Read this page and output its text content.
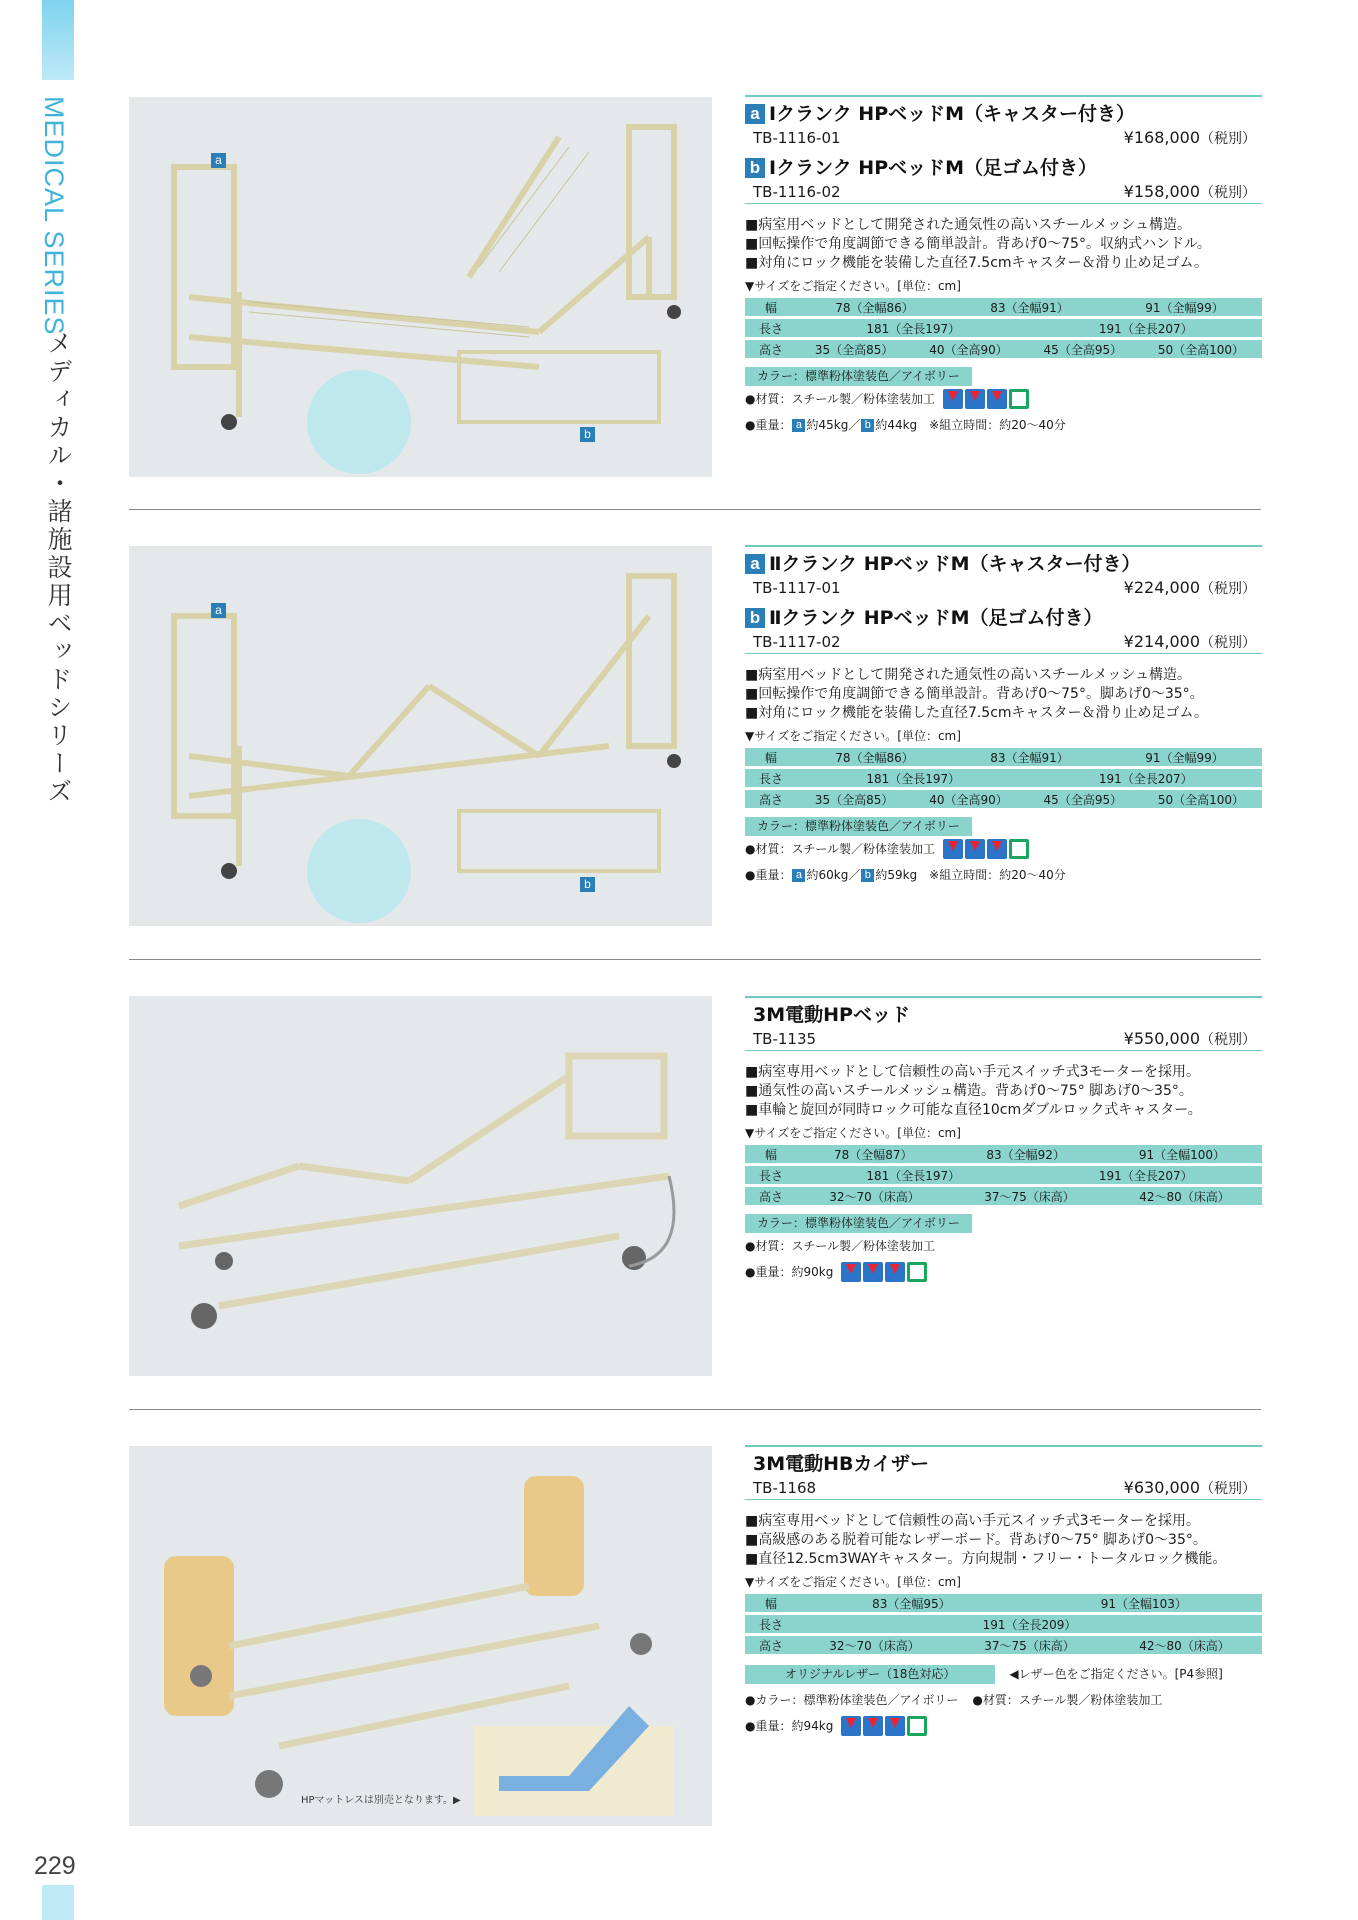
MEDICAL SERIES
メディカル・諸施設用ベッドシリーズ
229
a
b
a Ⅰクランク HPベッドM（キャスター付き）
TB-1116-01	¥168,000（税別）
b Ⅰクランク HPベッドM（足ゴム付き）
TB-1116-02	¥158,000（税別）
■病室用ベッドとして開発された通気性の高いスチールメッシュ構造。
■回転操作で角度調節できる簡単設計。背あげ0〜75°。収納式ハンドル。
■対角にロック機能を装備した直径7.5cmキャスター＆滑り止め足ゴム。
▼サイズをご指定ください。[単位：cm]
幅	78（全幅86） 83（全幅91） 91（全幅99）

長さ	181（全長197） 191（全長207）

高さ	35（全高85） 40（全高90） 45（全高95） 50（全高100）
カラー：標準粉体塗装色／アイボリー
●材質：スチール製／粉体塗装加工
●重量： a 約45kg／ b 約44kg ※組立時間：約20〜40分
a
b
a Ⅱクランク HPベッドM（キャスター付き）
TB-1117-01	¥224,000（税別）
b Ⅱクランク HPベッドM（足ゴム付き）
TB-1117-02	¥214,000（税別）
■病室用ベッドとして開発された通気性の高いスチールメッシュ構造。
■回転操作で角度調節できる簡単設計。背あげ0〜75°。脚あげ0〜35°。
■対角にロック機能を装備した直径7.5cmキャスター＆滑り止め足ゴム。
▼サイズをご指定ください。[単位：cm]
幅	78（全幅86） 83（全幅91） 91（全幅99）

長さ	181（全長197） 191（全長207）

高さ	35（全高85） 40（全高90） 45（全高95） 50（全高100）
カラー：標準粉体塗装色／アイボリー
●材質：スチール製／粉体塗装加工
●重量： a 約60kg／ b 約59kg ※組立時間：約20〜40分
3M電動HPベッド
TB-1135	¥550,000（税別）
■病室専用ベッドとして信頼性の高い手元スイッチ式3モーターを採用。
■通気性の高いスチールメッシュ構造。背あげ0〜75° 脚あげ0〜35°。
■車輪と旋回が同時ロック可能な直径10cmダブルロック式キャスター。
▼サイズをご指定ください。[単位：cm]
幅	78（全幅87） 83（全幅92） 91（全幅100）

長さ	181（全長197） 191（全長207）

高さ	32〜70（床高） 37〜75（床高） 42〜80（床高）
カラー：標準粉体塗装色／アイボリー
●材質：スチール製／粉体塗装加工
●重量：約90kg
HPマットレスは別売となります。▶
3M電動HBカイザー
TB-1168	¥630,000（税別）
■病室専用ベッドとして信頼性の高い手元スイッチ式3モーターを採用。
■高級感のある脱着可能なレザーボード。背あげ0〜75° 脚あげ0〜35°。
■直径12.5cm3WAYキャスター。方向規制・フリー・トータルロック機能。
▼サイズをご指定ください。[単位：cm]
幅	83（全幅95） 91（全幅103）

長さ	191（全長209）

高さ	32〜70（床高） 37〜75（床高） 42〜80（床高）
オリジナルレザー（18色対応）	◀レザー色をご指定ください。[P4参照]
●カラー：標準粉体塗装色／アイボリー ●材質：スチール製／粉体塗装加工
●重量：約94kg
